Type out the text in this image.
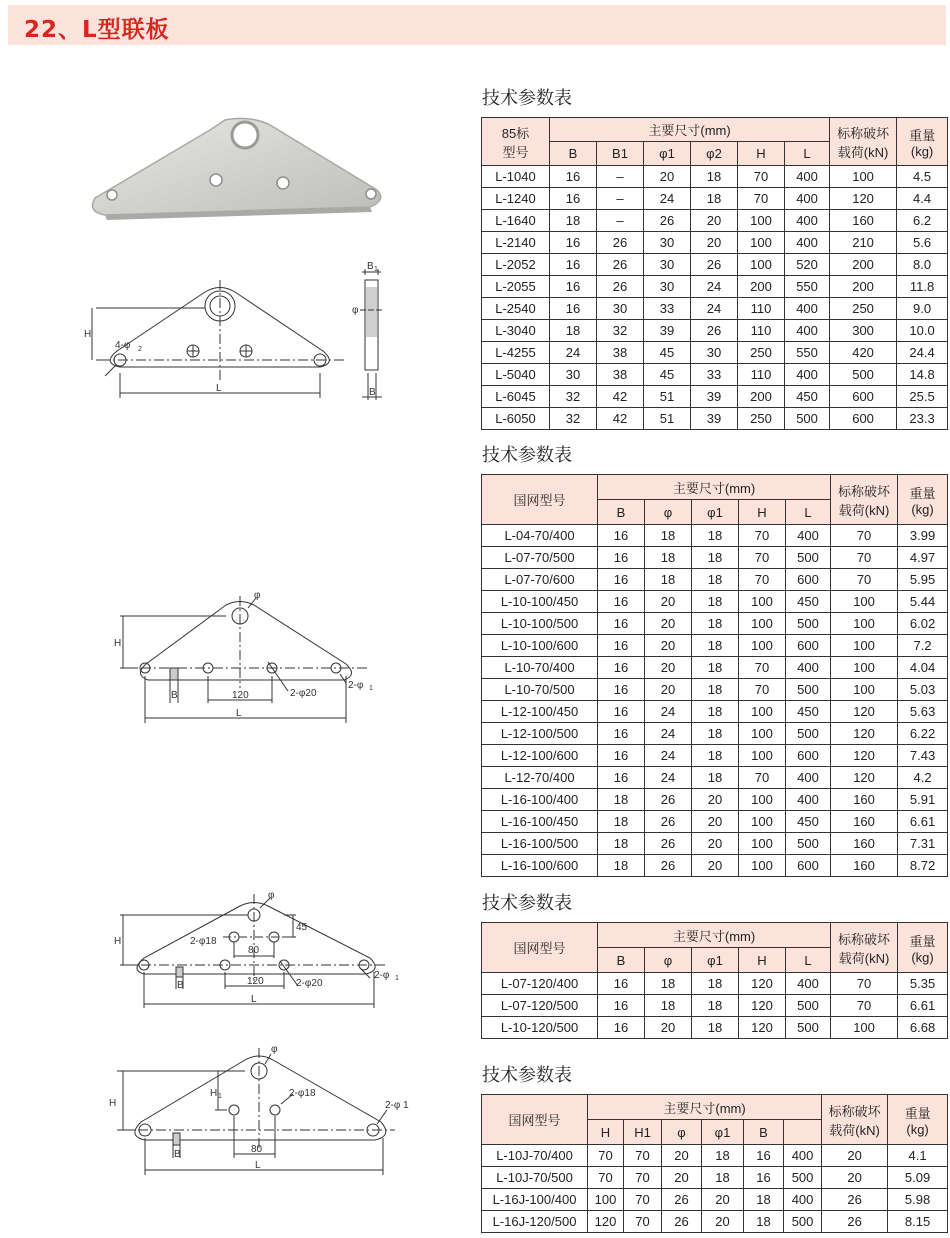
22、L型联板
4-φ 2
H
L
B 1
φ
B
φ
H
B	120	2-φ20
2-φ 1
L
φ
H	2-φ18
45
80
120	2-φ20
2-φ 1
B
L
φ
H
H 1	2-φ18
2-φ 1
80
B
L
技术参数表
85标
型号	主要尺寸(mm)						标称破坏
载荷(kN)	重量
(kg)
	B	B1	φ1	φ2	H	L		
L-1040	16	–	20	18	70	400	100	4.5
L-1240	16	–	24	18	70	400	120	4.4
L-1640	18	–	26	20	100	400	160	6.2
L-2140	16	26	30	20	100	400	210	5.6
L-2052	16	26	30	26	100	520	200	8.0
L-2055	16	26	30	24	200	550	200	11.8
L-2540	16	30	33	24	110	400	250	9.0
L-3040	18	32	39	26	110	400	300	10.0
L-4255	24	38	45	30	250	550	420	24.4
L-5040	30	38	45	33	110	400	500	14.8
L-6045	32	42	51	39	200	450	600	25.5
L-6050	32	42	51	39	250	500	600	23.3
技术参数表
国网型号	主要尺寸(mm)					标称破坏
载荷(kN)	重量
(kg)
	B	φ	φ1	H	L		
L-04-70/400	16	18	18	70	400	70	3.99
L-07-70/500	16	18	18	70	500	70	4.97
L-07-70/600	16	18	18	70	600	70	5.95
L-10-100/450	16	20	18	100	450	100	5.44
L-10-100/500	16	20	18	100	500	100	6.02
L-10-100/600	16	20	18	100	600	100	7.2
L-10-70/400	16	20	18	70	400	100	4.04
L-10-70/500	16	20	18	70	500	100	5.03
L-12-100/450	16	24	18	100	450	120	5.63
L-12-100/500	16	24	18	100	500	120	6.22
L-12-100/600	16	24	18	100	600	120	7.43
L-12-70/400	16	24	18	70	400	120	4.2
L-16-100/400	18	26	20	100	400	160	5.91
L-16-100/450	18	26	20	100	450	160	6.61
L-16-100/500	18	26	20	100	500	160	7.31
L-16-100/600	18	26	20	100	600	160	8.72
技术参数表
国网型号	主要尺寸(mm)					标称破坏
载荷(kN)	重量
(kg)
	B	φ	φ1	H	L		
L-07-120/400	16	18	18	120	400	70	5.35
L-07-120/500	16	18	18	120	500	70	6.61
L-10-120/500	16	20	18	120	500	100	6.68
技术参数表
国网型号	主要尺寸(mm)						标称破坏
载荷(kN)	重量
(kg)
	H	H1	φ	φ1	B			
L-10J-70/400	70	70	20	18	16	400	20	4.1
L-10J-70/500	70	70	20	18	16	500	20	5.09
L-16J-100/400	100	70	26	20	18	400	26	5.98
L-16J-120/500	120	70	26	20	18	500	26	8.15
